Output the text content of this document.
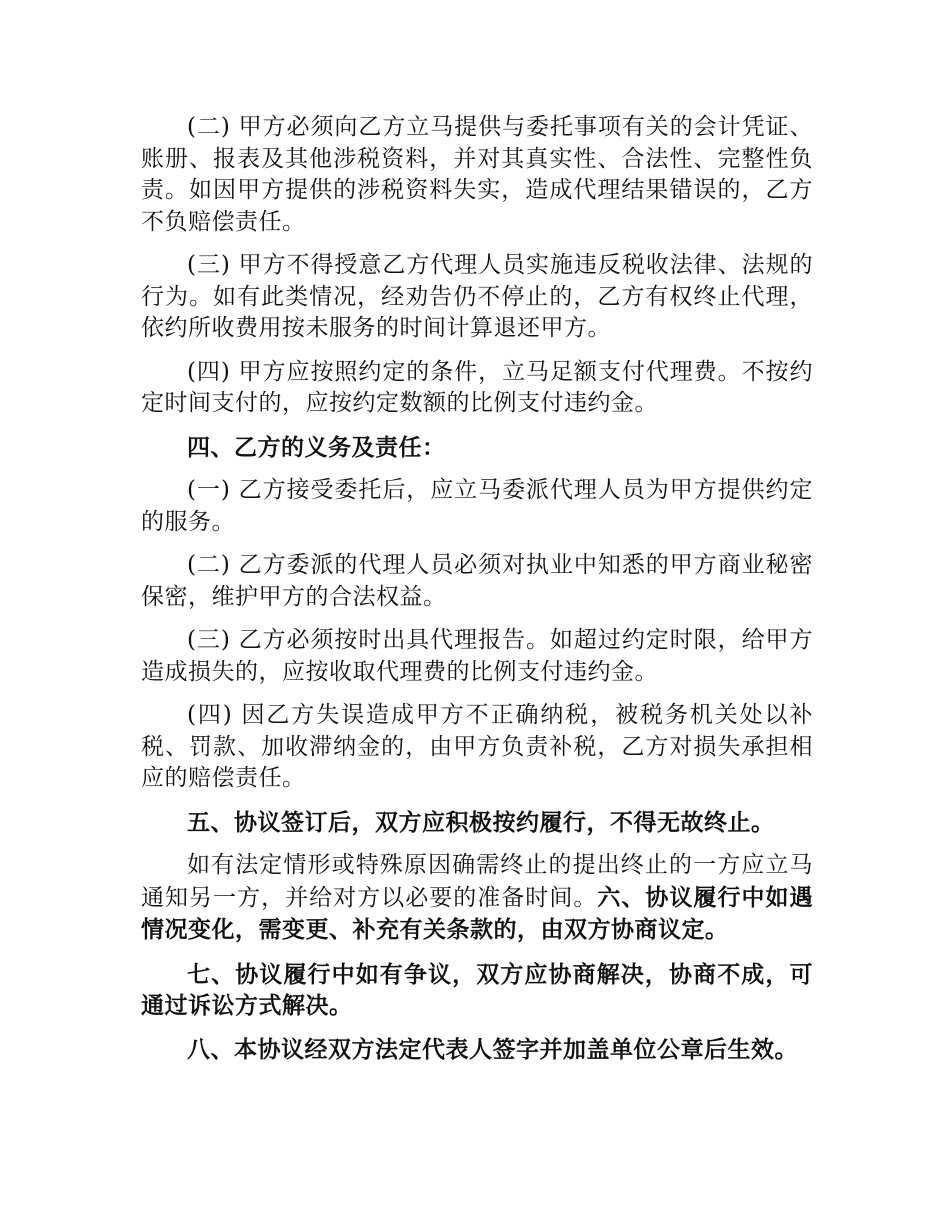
(二) 甲方必须向乙方立马提供与委托事项有关的会计凭证、账册、报表及其他涉税资料，并对其真实性、合法性、完整性负责。如因甲方提供的涉税资料失实，造成代理结果错误的，乙方不负赔偿责任。

(三) 甲方不得授意乙方代理人员实施违反税收法律、法规的行为。如有此类情况，经劝告仍不停止的，乙方有权终止代理，依约所收费用按未服务的时间计算退还甲方。

(四) 甲方应按照约定的条件，立马足额支付代理费。不按约定时间支付的，应按约定数额的比例支付违约金。

四、乙方的义务及责任：

(一) 乙方接受委托后，应立马委派代理人员为甲方提供约定的服务。

(二) 乙方委派的代理人员必须对执业中知悉的甲方商业秘密保密，维护甲方的合法权益。

(三) 乙方必须按时出具代理报告。如超过约定时限，给甲方造成损失的，应按收取代理费的比例支付违约金。

(四) 因乙方失误造成甲方不正确纳税，被税务机关处以补税、罚款、加收滞纳金的，由甲方负责补税，乙方对损失承担相应的赔偿责任。

五、协议签订后，双方应积极按约履行，不得无故终止。

如有法定情形或特殊原因确需终止的提出终止的一方应立马通知另一方，并给对方以必要的准备时间。六、协议履行中如遇情况变化，需变更、补充有关条款的，由双方协商议定。

七、协议履行中如有争议，双方应协商解决，协商不成，可通过诉讼方式解决。

八、本协议经双方法定代表人签字并加盖单位公章后生效。
